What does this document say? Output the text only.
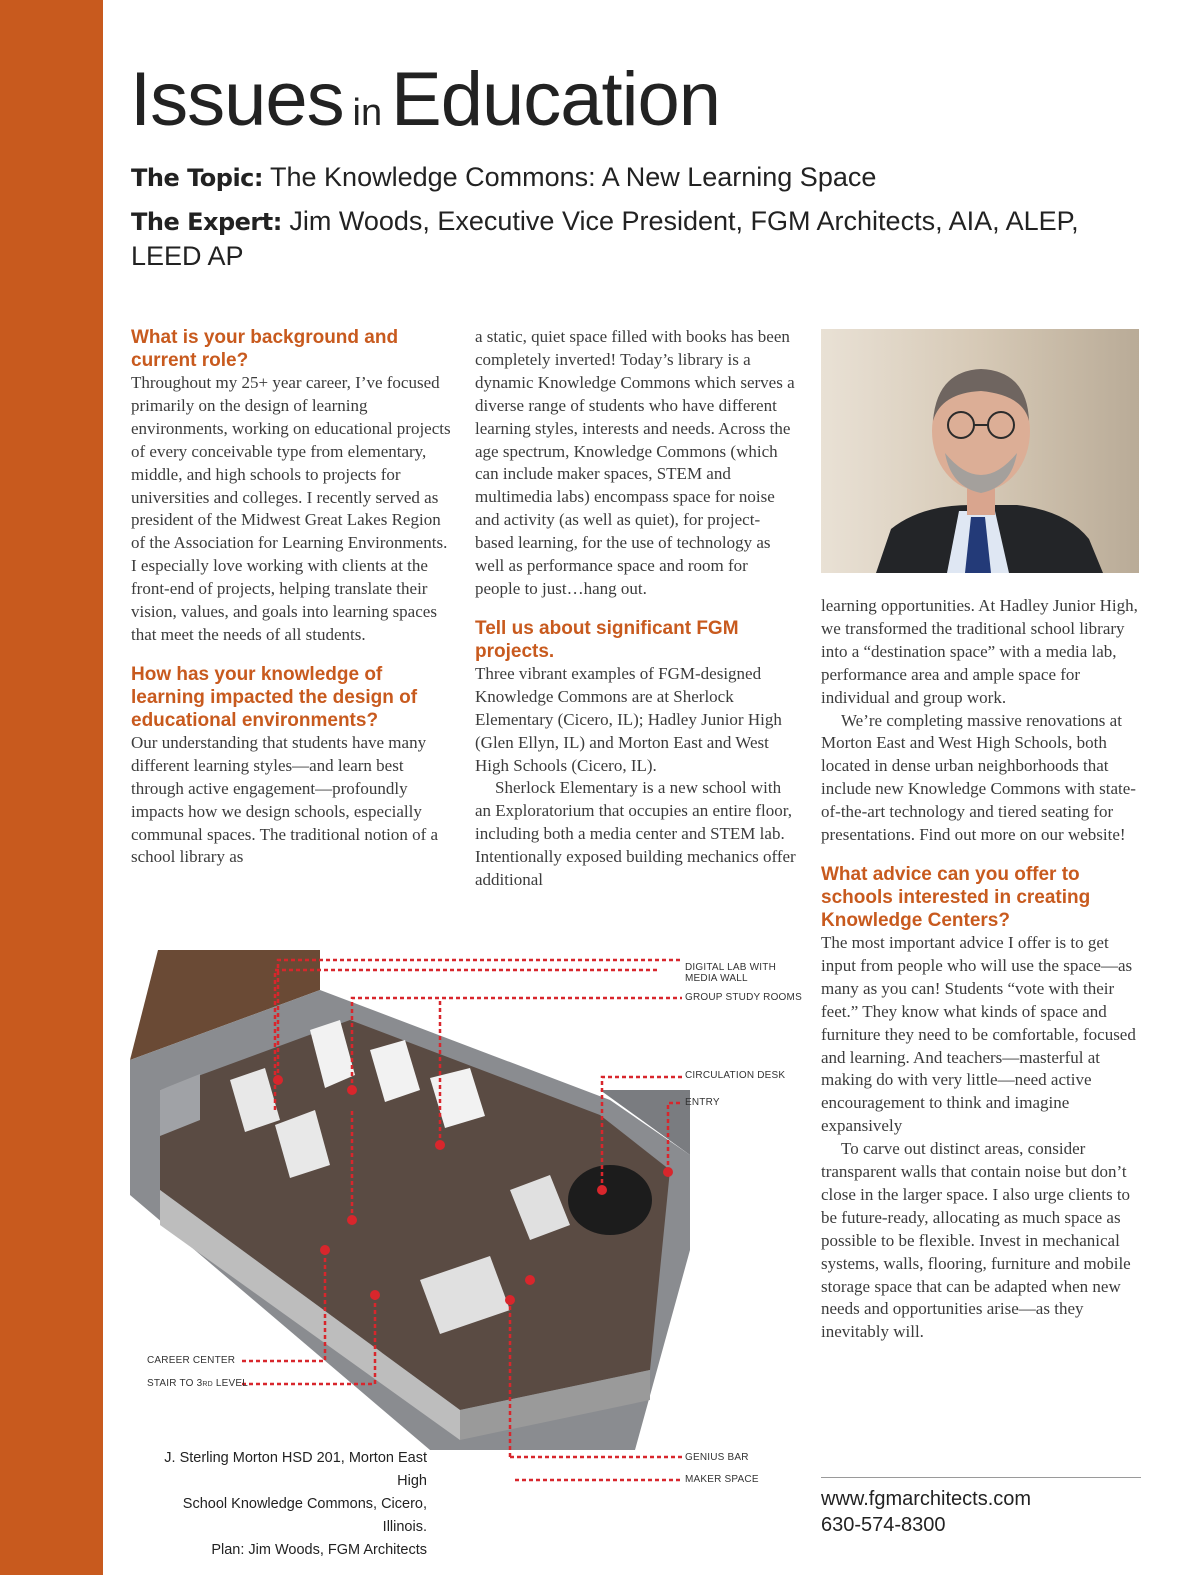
Issues in Education
The Topic: The Knowledge Commons: A New Learning Space
The Expert: Jim Woods, Executive Vice President, FGM Architects, AIA, ALEP, LEED AP
What is your background and current role?

Throughout my 25+ year career, I’ve focused primarily on the design of learning environments, working on educational projects of every conceivable type from elementary, middle, and high schools to projects for universities and colleges. I recently served as president of the Midwest Great Lakes Region of the Association for Learning Environments. I especially love working with clients at the front-end of projects, helping translate their vision, values, and goals into learning spaces that meet the needs of all students.

How has your knowledge of learning impacted the design of educational environments?

Our understanding that students have many different learning styles—and learn best through active engagement—profoundly impacts how we design schools, especially communal spaces. The traditional notion of a school library as

a static, quiet space filled with books has been completely inverted! Today’s library is a dynamic Knowledge Commons which serves a diverse range of students who have different learning styles, interests and needs. Across the age spectrum, Knowledge Commons (which can include maker spaces, STEM and multimedia labs) encompass space for noise and activity (as well as quiet), for project-based learning, for the use of technology as well as performance space and room for people to just…hang out.

Tell us about significant FGM projects.

Three vibrant examples of FGM-designed Knowledge Commons are at Sherlock Elementary (Cicero, IL); Hadley Junior High (Glen Ellyn, IL) and Morton East and West High Schools (Cicero, IL).

Sherlock Elementary is a new school with an Exploratorium that occupies an entire floor, including both a media center and STEM lab. Intentionally exposed building mechanics offer additional

learning opportunities. At Hadley Junior High, we transformed the traditional school library into a “destination space” with a media lab, performance area and ample space for individual and group work.

We’re completing massive renovations at Morton East and West High Schools, both located in dense urban neighborhoods that include new Knowledge Commons with state-of-the-art technology and tiered seating for presentations. Find out more on our website!

What advice can you offer to schools interested in creating Knowledge Centers?

The most important advice I offer is to get input from people who will use the space—as many as you can! Students “vote with their feet.” They know what kinds of space and furniture they need to be comfortable, focused and learning. And teachers—masterful at making do with very little—need active encouragement to think and imagine expansively

To carve out distinct areas, consider transparent walls that contain noise but don’t close in the larger space. I also urge clients to be future-ready, allocating as much space as possible to be flexible. Invest in mechanical systems, walls, flooring, furniture and mobile storage space that can be adapted when new needs and opportunities arise—as they inevitably will.

www.fgmarchitects.com
630-574-8300
DIGITAL LAB WITH
MEDIA WALL
GROUP STUDY ROOMS
CIRCULATION DESK
ENTRY
CAREER CENTER
STAIR TO 3RD LEVEL
GENIUS BAR
MAKER SPACE
J. Sterling Morton HSD 201, Morton East High
School Knowledge Commons, Cicero, Illinois.
Plan: Jim Woods, FGM Architects
